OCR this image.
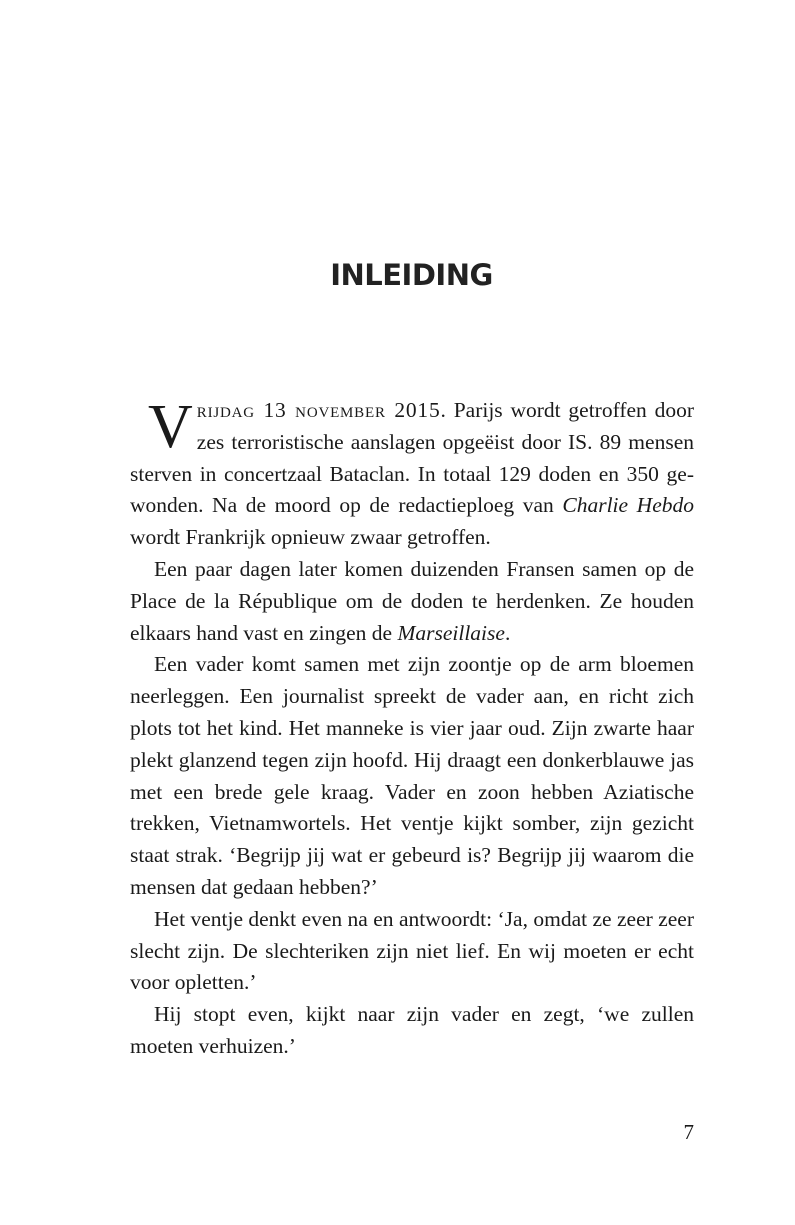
INLEIDING

Vrijdag 13 november 2015. Parijs wordt getroffen door zes terroristische aanslagen opgeëist door IS. 89 mensen sterven in concertzaal Bataclan. In totaal 129 doden en 350 gewonden. Na de moord op de redactieploeg van Charlie Hebdo wordt Frankrijk opnieuw zwaar getroffen.

Een paar dagen later komen duizenden Fransen samen op de Place de la République om de doden te herdenken. Ze houden elkaars hand vast en zingen de Marseillaise.

Een vader komt samen met zijn zoontje op de arm bloemen neerleggen. Een journalist spreekt de vader aan, en richt zich plots tot het kind. Het manneke is vier jaar oud. Zijn zwarte haar plekt glanzend tegen zijn hoofd. Hij draagt een donkerblauwe jas met een brede gele kraag. Vader en zoon hebben Aziatische trekken, Vietnamwortels. Het ventje kijkt somber, zijn gezicht staat strak. ‘Begrijp jij wat er gebeurd is? Begrijp jij waarom die mensen dat gedaan hebben?’

Het ventje denkt even na en antwoordt: ‘Ja, omdat ze zeer zeer slecht zijn. De slechteriken zijn niet lief. En wij moeten er echt voor opletten.’

Hij stopt even, kijkt naar zijn vader en zegt, ‘we zullen moeten verhuizen.’

7
